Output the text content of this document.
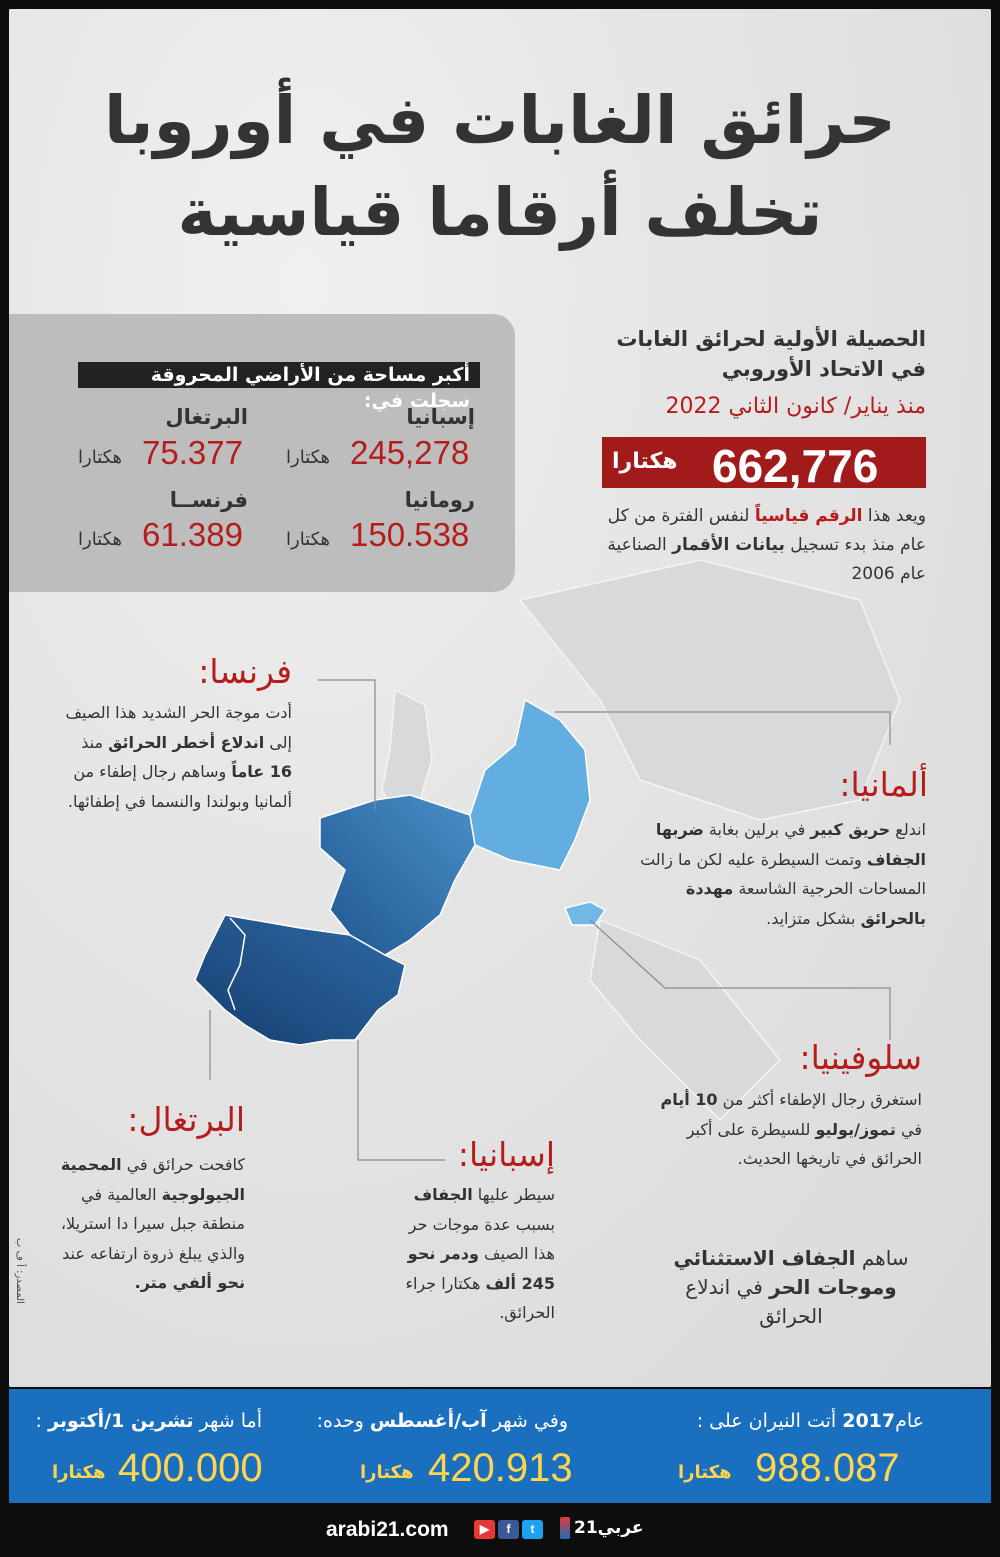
حرائق الغابات في أوروبا
تخلف أرقاما قياسية
أكبر مساحة من الأراضي المحروقة سجلت في:
إسبانيا
245,278
هكتارا
البرتغال
75.377
هكتارا
رومانيا
150.538
هكتارا
فرنســا
61.389
هكتارا
الحصيلة الأولية لحرائق الغابات في الاتحاد الأوروبي
منذ يناير/ كانون الثاني 2022
662,776
هكتارا
ويعد هذا الرقم قياسياً لنفس الفترة من كل عام منذ بدء تسجيل بيانات الأقمار الصناعية عام 2006
فرنسا:
أدت موجة الحر الشديد هذا الصيف إلى اندلاع أخطر الحرائق منذ 16 عاماً وساهم رجال إطفاء من ألمانيا وبولندا والنسما في إطفائها.	ألمانيا:
اندلع حريق كبير في برلين بغابة ضربها الجفاف وتمت السيطرة عليه لكن ما زالت المساحات الحرجية الشاسعة مهددة بالحرائق بشكل متزايد.
سلوفينيا:
استغرق رجال الإطفاء أكثر من 10 أيام في تموز/يوليو للسيطرة على أكبر الحرائق في تاريخها الحديث.
البرتغال:
كافحت حرائق في المحمية الجيولوجية العالمية في منطقة جبل سيرا دا استريلا، والذي يبلغ ذروة ارتفاعه عند نحو ألفي متر.
إسبانيا:
سيطر عليها الجفاف بسبب عدة موجات حر هذا الصيف ودمر نحو 245 ألف هكتارا جراء الحرائق.
ساهم الجفاف الاستثنائي وموجات الحر في اندلاع الحرائق
المصدر: أ ف ب
عام2017 أتت النيران على :
988.087
هكتارا
وفي شهر آب/أغسطس وحده:
420.913
هكتارا
أما شهر تشرين 1/أكتوبر :
400.000
هكتارا
arabi21.com	▶	f	t	عربي21
